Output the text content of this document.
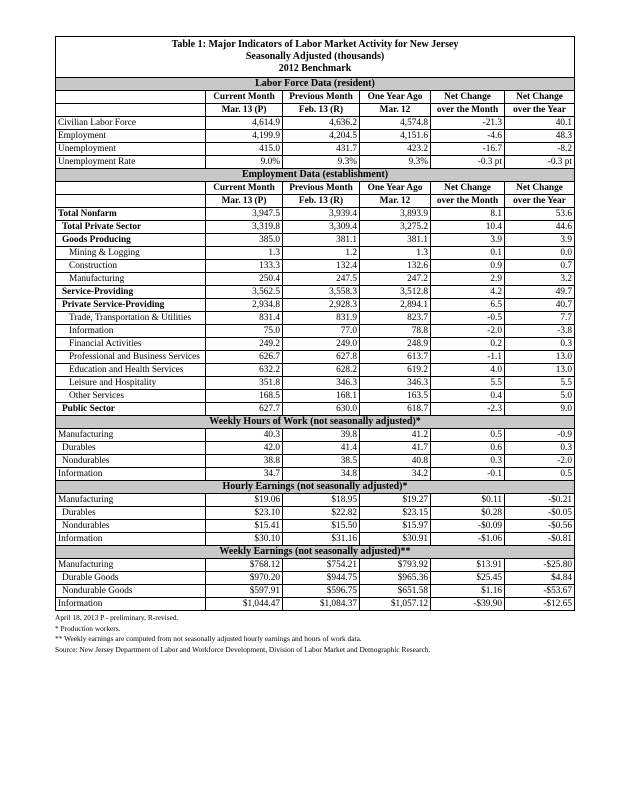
Table 1: Major Indicators of Labor Market Activity for New Jersey
Seasonally Adjusted (thousands)
2012 Benchmark					

Labor Force Data (resident)					
	Current Month	Previous Month	One Year Ago	Net Change	Net Change
	Mar. 13 (P)	Feb. 13 (R)	Mar. 12	over the Month	over the Year
Civilian Labor Force	4,614.9	4,636.2	4,574.8	-21.3	40.1
Employment	4,199.9	4,204.5	4,151.6	-4.6	48.3
Unemployment	415.0	431.7	423.2	-16.7	-8.2
Unemployment Rate	9.0%	9.3%	9.3%	-0.3 pt	-0.3 pt
Employment Data (establishment)					
	Current Month	Previous Month	One Year Ago	Net Change	Net Change
	Mar. 13 (P)	Feb. 13 (R)	Mar. 12	over the Month	over the Year
Total Nonfarm	3,947.5	3,939.4	3,893.9	8.1	53.6
Total Private Sector	3,319.8	3,309.4	3,275.2	10.4	44.6
Goods Producing	385.0	381.1	381.1	3.9	3.9
Mining & Logging	1.3	1.2	1.3	0.1	0.0
Construction	133.3	132.4	132.6	0.9	0.7
Manufacturing	250.4	247.5	247.2	2.9	3.2
Service-Providing	3,562.5	3,558.3	3,512.8	4.2	49.7
Private Service-Providing	2,934.8	2,928.3	2,894.1	6.5	40.7
Trade, Transportation & Utilities	831.4	831.9	823.7	-0.5	7.7
Information	75.0	77.0	78.8	-2.0	-3.8
Financial Activities	249.2	249.0	248.9	0.2	0.3
Professional and Business Services	626.7	627.8	613.7	-1.1	13.0
Education and Health Services	632.2	628.2	619.2	4.0	13.0
Leisure and Hospitality	351.8	346.3	346.3	5.5	5.5
Other Services	168.5	168.1	163.5	0.4	5.0
Public Sector	627.7	630.0	618.7	-2.3	9.0
Weekly Hours of Work (not seasonally adjusted)*					
Manufacturing	40.3	39.8	41.2	0.5	-0.9
Durables	42.0	41.4	41.7	0.6	0.3
Nondurables	38.8	38.5	40.8	0.3	-2.0
Information	34.7	34.8	34.2	-0.1	0.5
Hourly Earnings (not seasonally adjusted)*					
Manufacturing	$19.06	$18.95	$19.27	$0.11	-$0.21
Durables	$23.10	$22.82	$23.15	$0.28	-$0.05
Nondurables	$15.41	$15.50	$15.97	-$0.09	-$0.56
Information	$30.10	$31.16	$30.91	-$1.06	-$0.81
Weekly Earnings (not seasonally adjusted)**					
Manufacturing	$768.12	$754.21	$793.92	$13.91	-$25.80
Durable Goods	$970.20	$944.75	$965.36	$25.45	$4.84
Nondurable Goods	$597.91	$596.75	$651.58	$1.16	-$53.67
Information	$1,044.47	$1,084.37	$1,057.12	-$39.90	-$12.65
April 18, 2013 P - preliminary, R-revised.
* Production workers.
** Weekly earnings are computed from not seasonally adjusted hourly earnings and hours of work data.
Source: New Jersey Department of Labor and Workforce Development, Division of Labor Market and Demographic Research.
